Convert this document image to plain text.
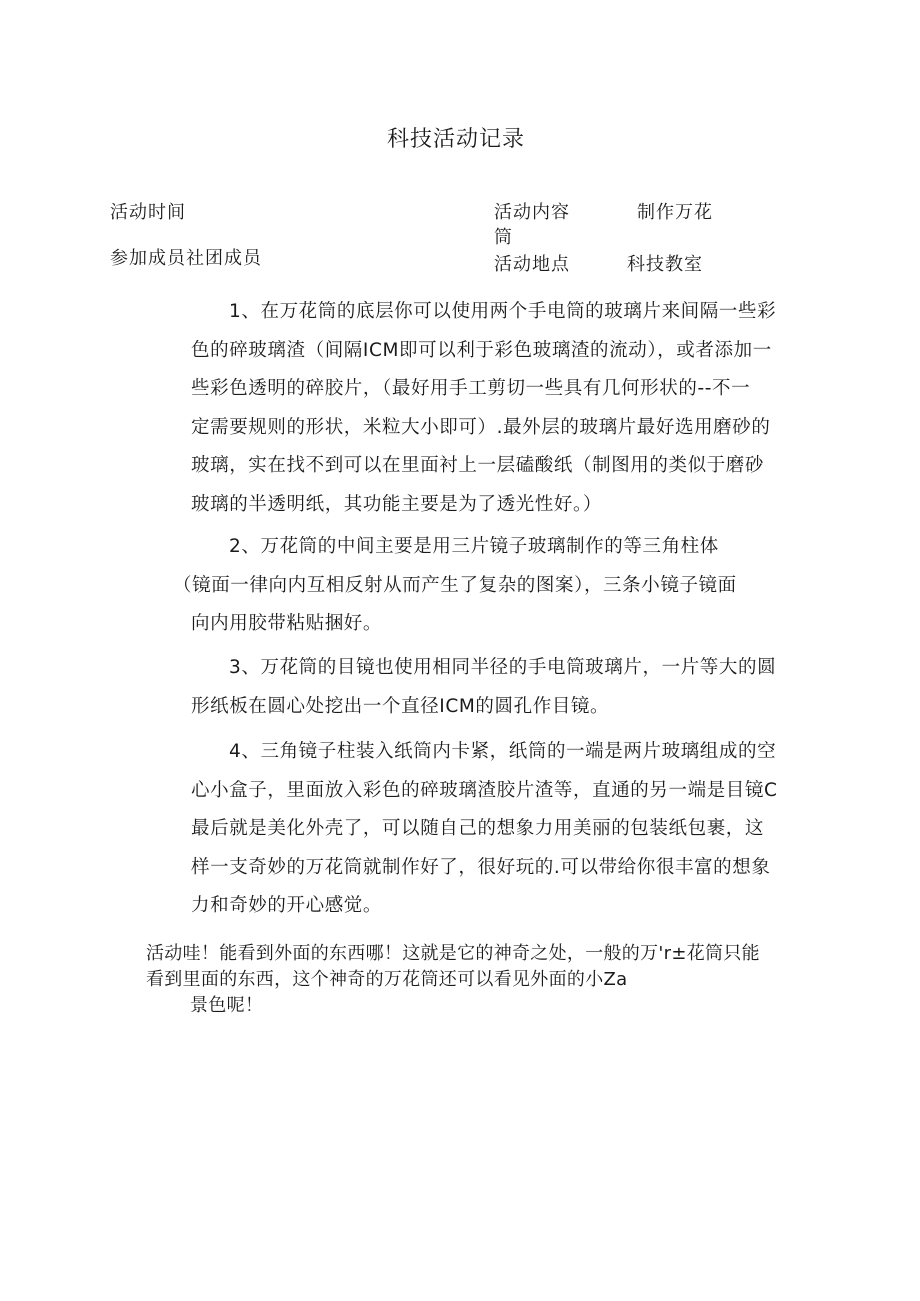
科技活动记录
活动时间	活动内容	制作万花
筒
参加成员社团成员	活动地点	科技教室
1、在万花筒的底层你可以使用两个手电筒的玻璃片来间隔一些彩
色的碎玻璃渣（间隔ICM即可以利于彩色玻璃渣的流动），或者添加一
些彩色透明的碎胶片，（最好用手工剪切一些具有几何形状的--不一
定需要规则的形状，米粒大小即可）.最外层的玻璃片最好选用磨砂的
玻璃，实在找不到可以在里面衬上一层磕酸纸（制图用的类似于磨砂
玻璃的半透明纸，其功能主要是为了透光性好。）
2、万花筒的中间主要是用三片镜子玻璃制作的等三角柱体
（镜面一律向内互相反射从而产生了复杂的图案），三条小镜子镜面
向内用胶带粘贴捆好。
3、万花筒的目镜也使用相同半径的手电筒玻璃片，一片等大的圆
形纸板在圆心处挖出一个直径ICM的圆孔作目镜。
4、三角镜子柱装入纸筒内卡紧，纸筒的一端是两片玻璃组成的空
心小盒子，里面放入彩色的碎玻璃渣胶片渣等，直通的另一端是目镜C
最后就是美化外壳了，可以随自己的想象力用美丽的包装纸包裹，这
样一支奇妙的万花筒就制作好了，很好玩的.可以带给你很丰富的想象
力和奇妙的开心感觉。
活动哇！能看到外面的东西哪！这就是它的神奇之处，一般的万'r±花筒只能
看到里面的东西，这个神奇的万花筒还可以看见外面的小Za
景色呢！
